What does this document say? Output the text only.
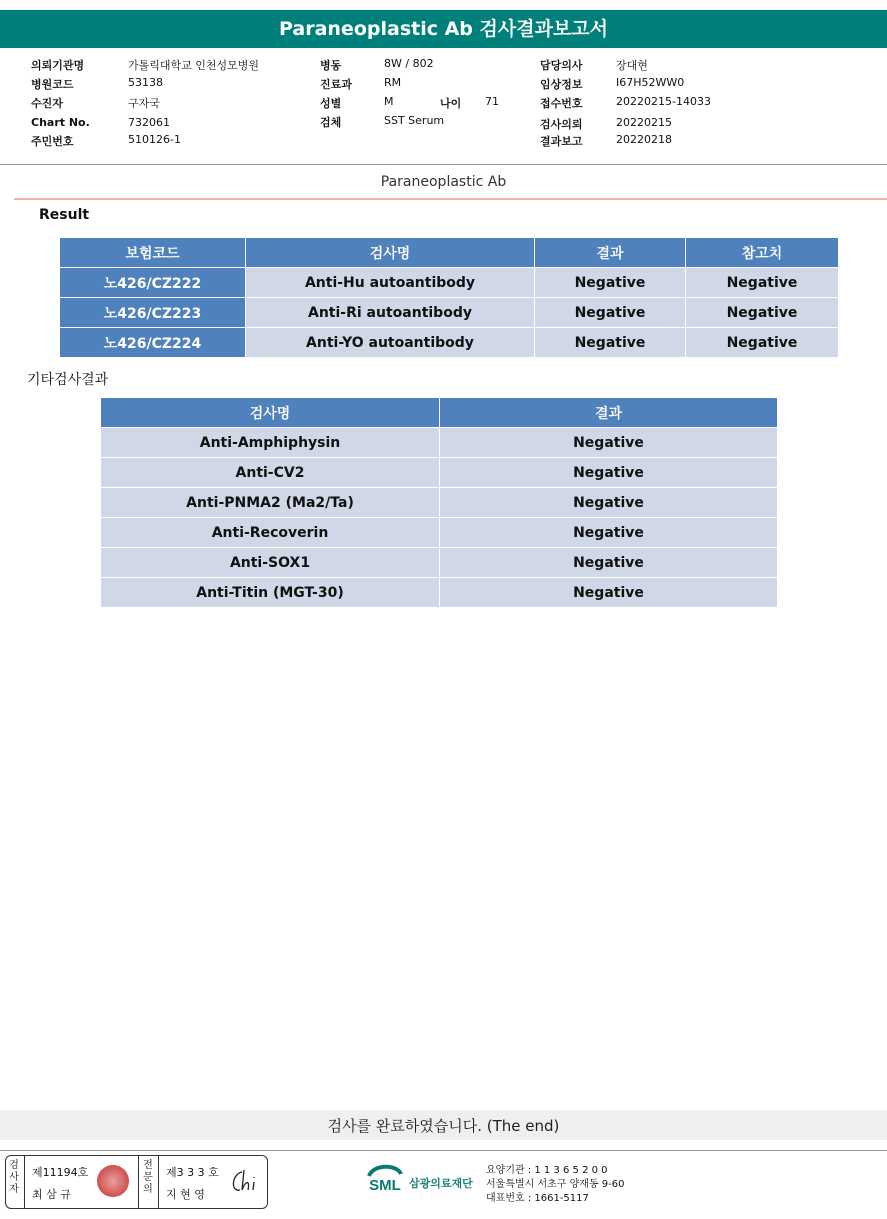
Paraneoplastic Ab 검사결과보고서
의뢰기관명	가톨릭대학교 인천성모병원
병원코드	53138
수진자	구자국
Chart No.	732061
주민번호	510126-1
병동	8W / 802
진료과	RM
성별	M	나이 71
검체	SST Serum
담당의사	장대현
임상정보	I67H52WW0
접수번호	20220215-14033
검사의뢰	20220215
결과보고	20220218
Paraneoplastic Ab
Result
보험코드	검사명	결과	참고치
노426/CZ222	Anti-Hu autoantibody	Negative	Negative
노426/CZ223	Anti-Ri autoantibody	Negative	Negative
노426/CZ224	Anti-YO autoantibody	Negative	Negative
기타검사결과
검사명	결과
Anti-Amphiphysin	Negative
Anti-CV2	Negative
Anti-PNMA2 (Ma2/Ta)	Negative
Anti-Recoverin	Negative
Anti-SOX1	Negative
Anti-Titin (MGT-30)	Negative
검사를 완료하였습니다. (The end)
검사자
제11194호
최 삼 규
전문의
제3 3 3 호
지 현 영
SML 삼광의료재단
요양기관 : 1 1 3 6 5 2 0 0
서울특별시 서초구 양재동 9-60
대표번호 : 1661-5117
